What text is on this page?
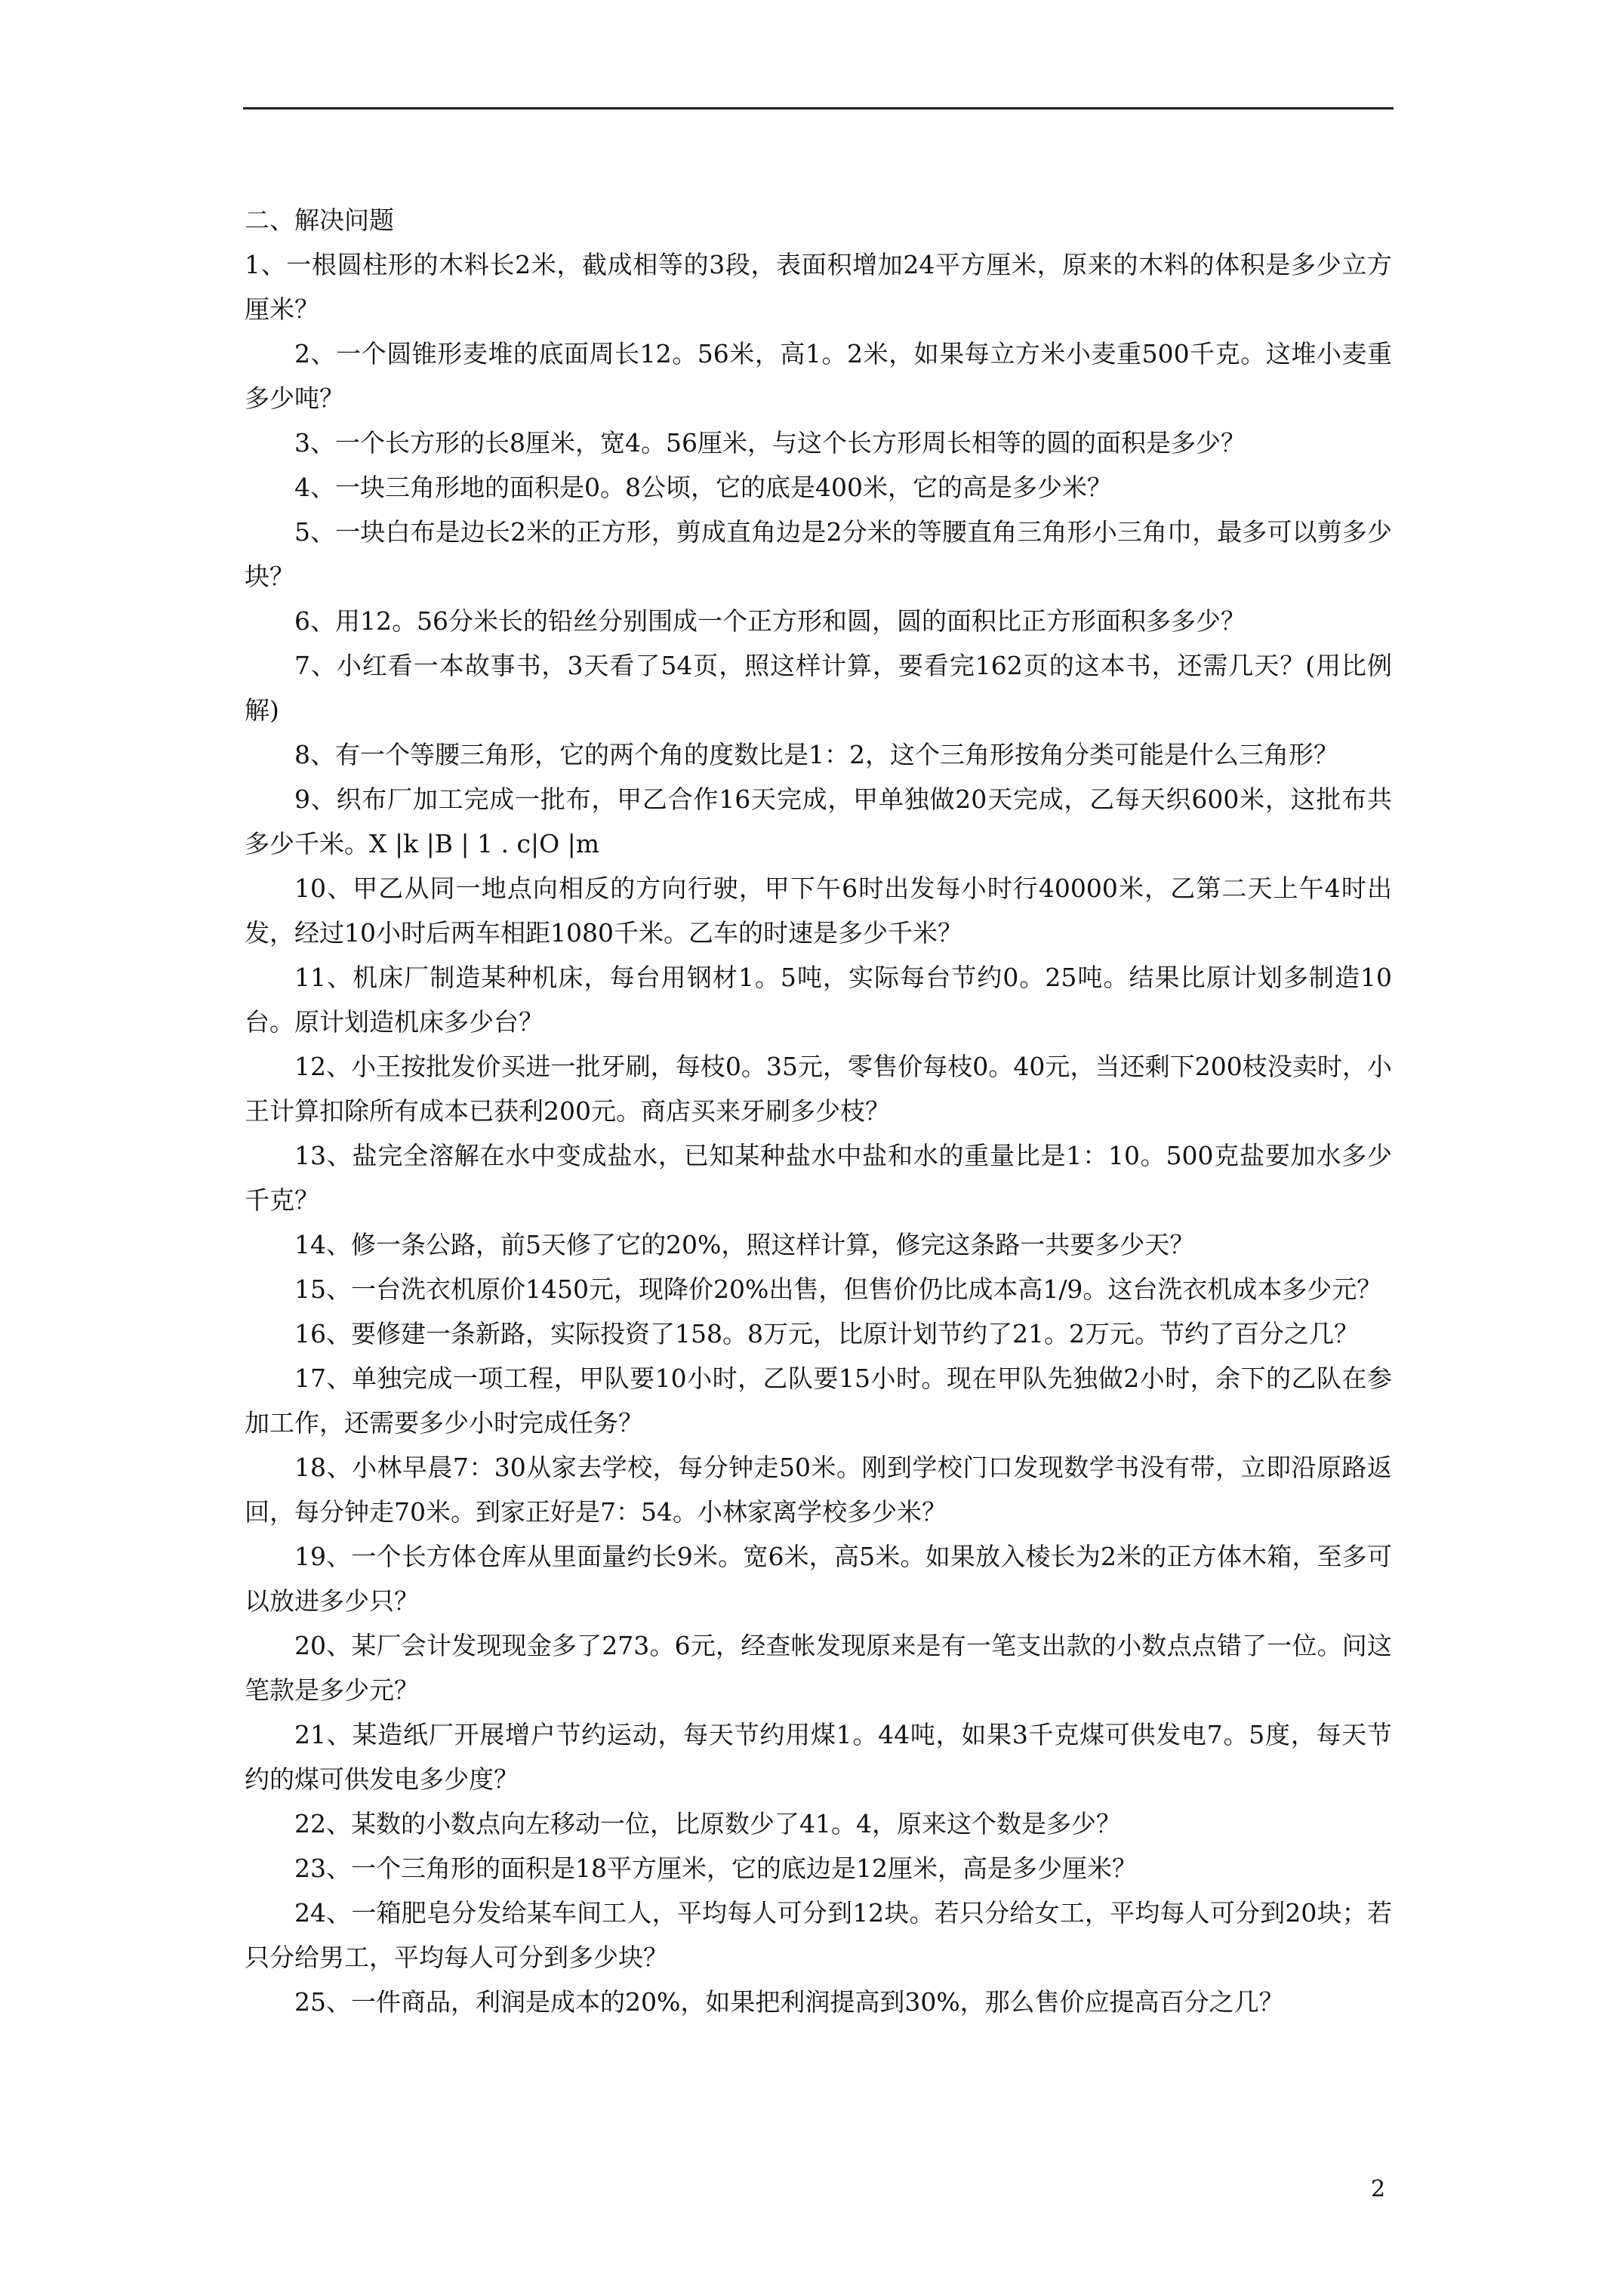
二、解决问题

1、一根圆柱形的木料长2米，截成相等的3段，表面积增加24平方厘米，原来的木料的体积是多少立方厘米？

2、一个圆锥形麦堆的底面周长12。56米，高1。2米，如果每立方米小麦重500千克。这堆小麦重多少吨？

3、一个长方形的长8厘米，宽4。56厘米，与这个长方形周长相等的圆的面积是多少？

4、一块三角形地的面积是0。8公顷，它的底是400米，它的高是多少米？

5、一块白布是边长2米的正方形，剪成直角边是2分米的等腰直角三角形小三角巾，最多可以剪多少块？

6、用12。56分米长的铅丝分别围成一个正方形和圆，圆的面积比正方形面积多多少？

7、小红看一本故事书，3天看了54页，照这样计算，要看完162页的这本书，还需几天？(用比例解)

8、有一个等腰三角形，它的两个角的度数比是1：2，这个三角形按角分类可能是什么三角形？

9、织布厂加工完成一批布，甲乙合作16天完成，甲单独做20天完成，乙每天织600米，这批布共多少千米。X |k |B | 1 . c|O |m

10、甲乙从同一地点向相反的方向行驶，甲下午6时出发每小时行40000米，乙第二天上午4时出发，经过10小时后两车相距1080千米。乙车的时速是多少千米？

11、机床厂制造某种机床，每台用钢材1。5吨，实际每台节约0。25吨。结果比原计划多制造10台。原计划造机床多少台？

12、小王按批发价买进一批牙刷，每枝0。35元，零售价每枝0。40元，当还剩下200枝没卖时，小王计算扣除所有成本已获利200元。商店买来牙刷多少枝？

13、盐完全溶解在水中变成盐水，已知某种盐水中盐和水的重量比是1：10。500克盐要加水多少千克？

14、修一条公路，前5天修了它的20%，照这样计算，修完这条路一共要多少天？

15、一台洗衣机原价1450元，现降价20%出售，但售价仍比成本高1/9。这台洗衣机成本多少元？

16、要修建一条新路，实际投资了158。8万元，比原计划节约了21。2万元。节约了百分之几？

17、单独完成一项工程，甲队要10小时，乙队要15小时。现在甲队先独做2小时，余下的乙队在参加工作，还需要多少小时完成任务？

18、小林早晨7：30从家去学校，每分钟走50米。刚到学校门口发现数学书没有带，立即沿原路返回，每分钟走70米。到家正好是7：54。小林家离学校多少米？

19、一个长方体仓库从里面量约长9米。宽6米，高5米。如果放入棱长为2米的正方体木箱，至多可以放进多少只？

20、某厂会计发现现金多了273。6元，经查帐发现原来是有一笔支出款的小数点点错了一位。问这笔款是多少元？

21、某造纸厂开展增户节约运动，每天节约用煤1。44吨，如果3千克煤可供发电7。5度，每天节约的煤可供发电多少度？

22、某数的小数点向左移动一位，比原数少了41。4，原来这个数是多少？

23、一个三角形的面积是18平方厘米，它的底边是12厘米，高是多少厘米？

24、一箱肥皂分发给某车间工人，平均每人可分到12块。若只分给女工，平均每人可分到20块；若只分给男工，平均每人可分到多少块？

25、一件商品，利润是成本的20%，如果把利润提高到30%，那么售价应提高百分之几？

2
